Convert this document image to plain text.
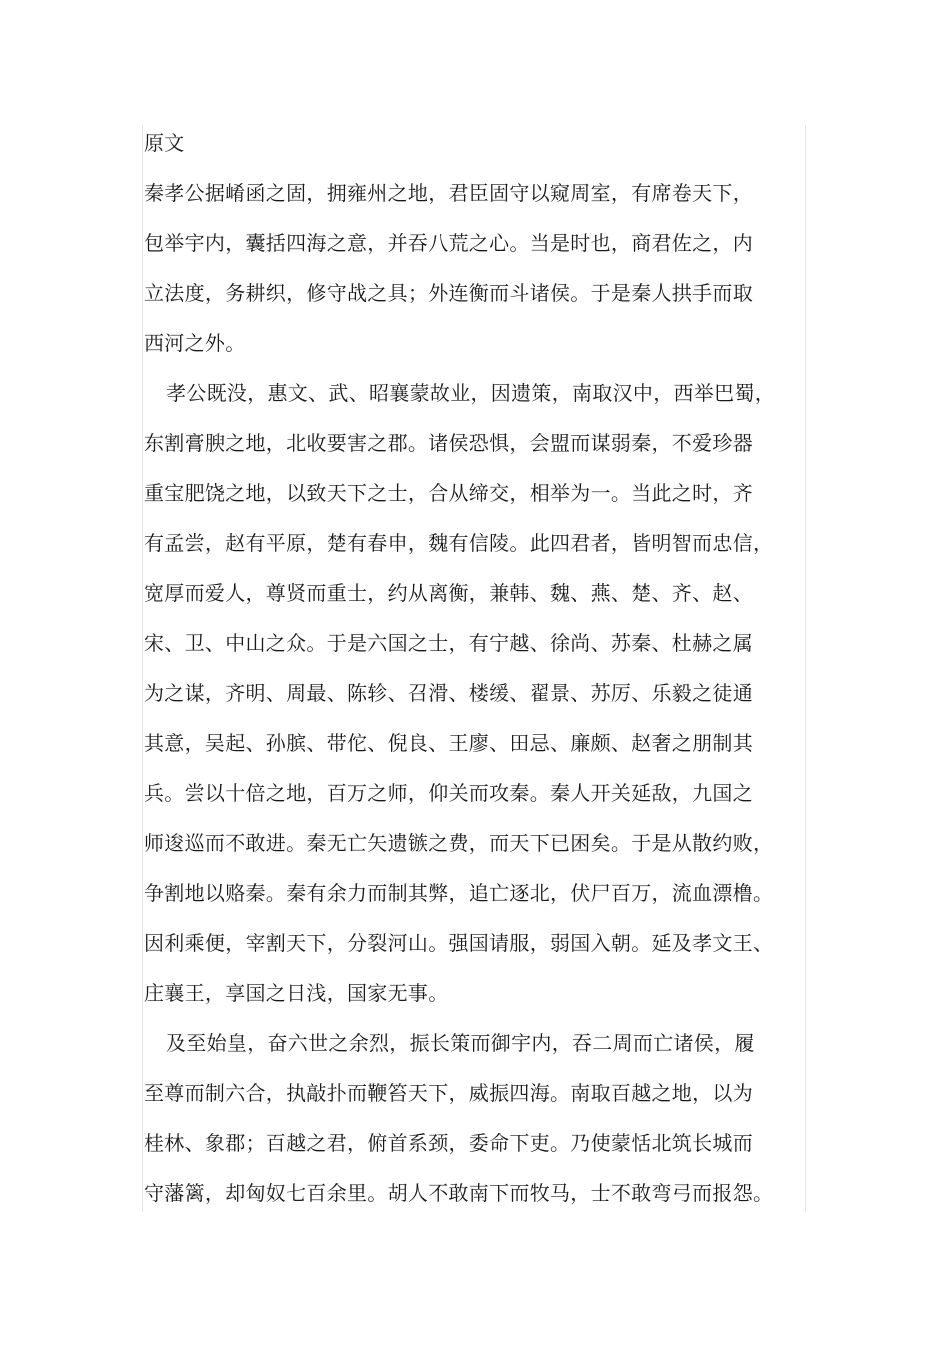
原文
秦孝公据崤函之固，拥雍州之地，君臣固守以窥周室，有席卷天下，
包举宇内，囊括四海之意，并吞八荒之心。当是时也，商君佐之，内
立法度，务耕织，修守战之具；外连衡而斗诸侯。于是秦人拱手而取
西河之外。
孝公既没，惠文、武、昭襄蒙故业，因遗策，南取汉中，西举巴蜀，
东割膏腴之地，北收要害之郡。诸侯恐惧，会盟而谋弱秦，不爱珍器
重宝肥饶之地，以致天下之士，合从缔交，相举为一。当此之时，齐
有孟尝，赵有平原，楚有春申，魏有信陵。此四君者，皆明智而忠信，
宽厚而爱人，尊贤而重士，约从离衡，兼韩、魏、燕、楚、齐、赵、
宋、卫、中山之众。于是六国之士，有宁越、徐尚、苏秦、杜赫之属
为之谋，齐明、周最、陈轸、召滑、楼缓、翟景、苏厉、乐毅之徒通
其意，吴起、孙膑、带佗、倪良、王廖、田忌、廉颇、赵奢之朋制其
兵。尝以十倍之地，百万之师，仰关而攻秦。秦人开关延敌，九国之
师逡巡而不敢进。秦无亡矢遗镞之费，而天下已困矣。于是从散约败，
争割地以赂秦。秦有余力而制其弊，追亡逐北，伏尸百万，流血漂橹。
因利乘便，宰割天下，分裂河山。强国请服，弱国入朝。延及孝文王、
庄襄王，享国之日浅，国家无事。
及至始皇，奋六世之余烈，振长策而御宇内，吞二周而亡诸侯，履
至尊而制六合，执敲扑而鞭笞天下，威振四海。南取百越之地，以为
桂林、象郡；百越之君，俯首系颈，委命下吏。乃使蒙恬北筑长城而
守藩篱，却匈奴七百余里。胡人不敢南下而牧马，士不敢弯弓而报怨。
